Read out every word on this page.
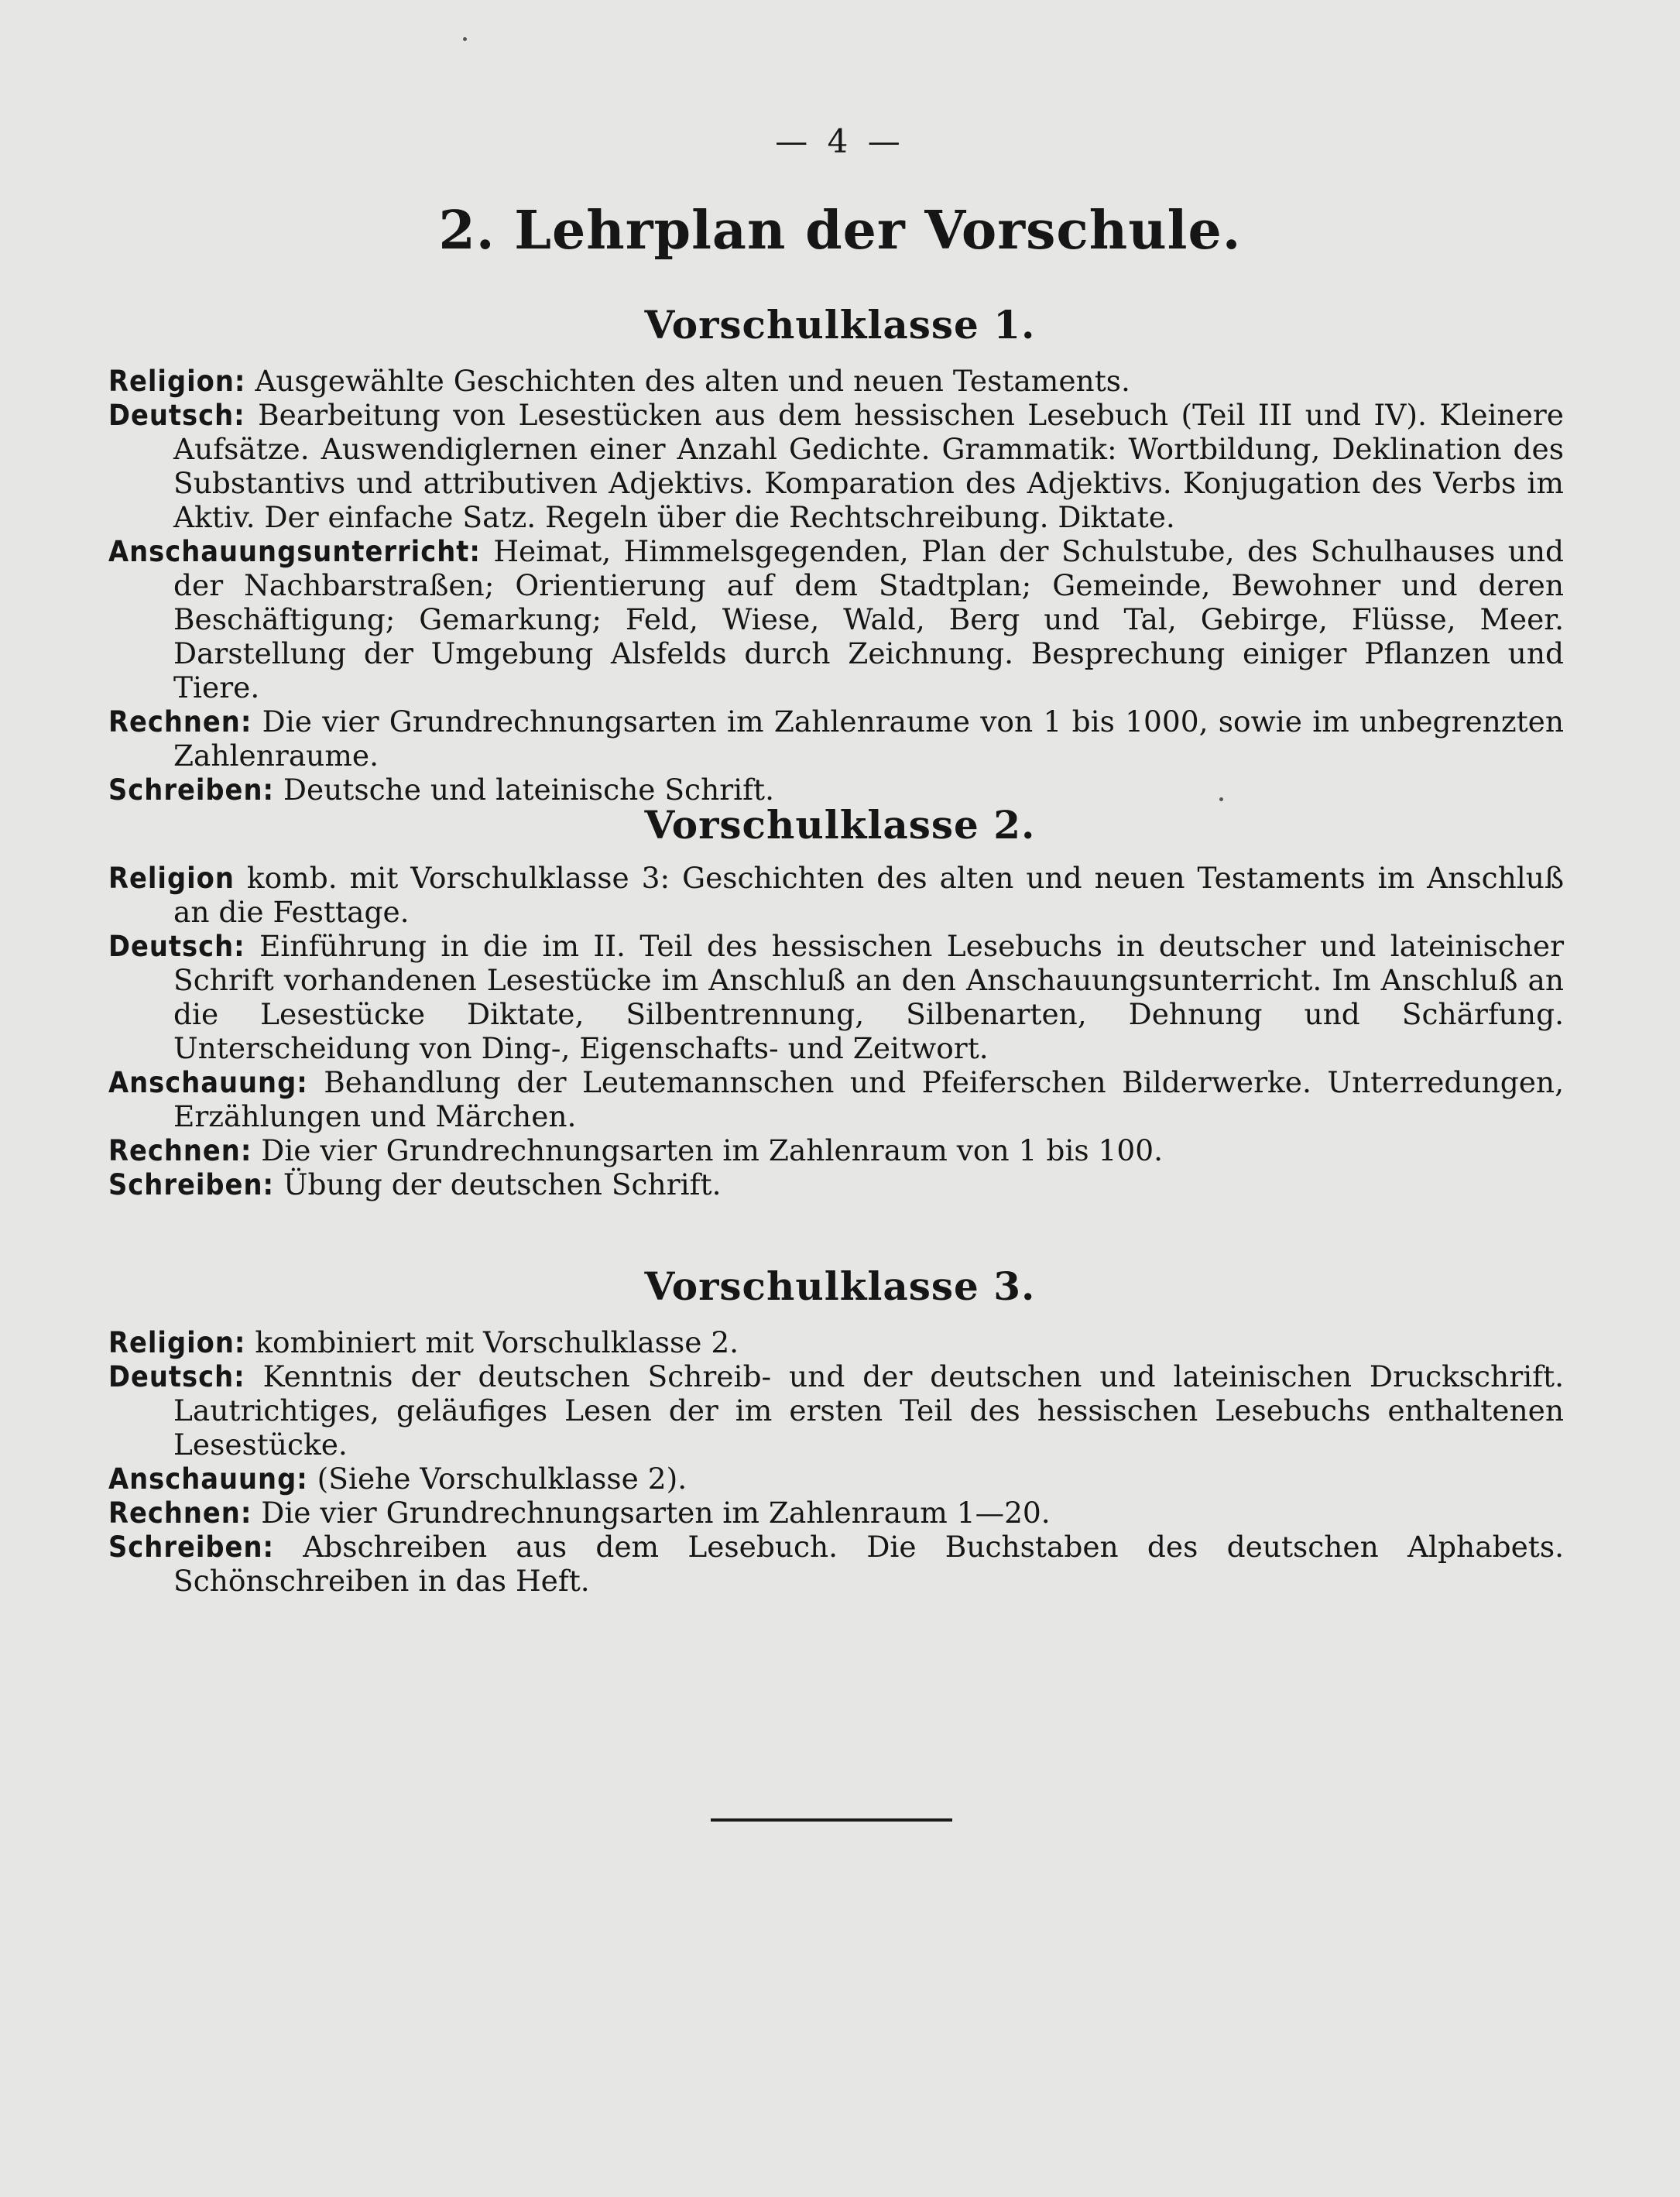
— 4 —
2. Lehrplan der Vorschule.
Vorschulklasse 1.

Religion: Ausgewählte Geschichten des alten und neuen Testaments.

Deutsch: Bearbeitung von Lesestücken aus dem hessischen Lesebuch (Teil III und IV). Kleinere Aufsätze. Auswendiglernen einer Anzahl Gedichte. Grammatik: Wortbildung, Deklination des Substantivs und attributiven Adjektivs. Komparation des Adjektivs. Konjugation des Verbs im Aktiv. Der einfache Satz. Regeln über die Rechtschreibung. Diktate.

Anschauungsunterricht: Heimat, Himmelsgegenden, Plan der Schulstube, des Schulhauses und der Nachbarstraßen; Orientierung auf dem Stadtplan; Gemeinde, Bewohner und deren Beschäftigung; Gemarkung; Feld, Wiese, Wald, Berg und Tal, Gebirge, Flüsse, Meer. Darstellung der Umgebung Alsfelds durch Zeichnung. Besprechung einiger Pflanzen und Tiere.

Rechnen: Die vier Grundrechnungsarten im Zahlenraume von 1 bis 1000, sowie im unbegrenzten Zahlenraume.

Schreiben: Deutsche und lateinische Schrift.

Vorschulklasse 2.

Religion komb. mit Vorschulklasse 3: Geschichten des alten und neuen Testaments im Anschluß an die Festtage.

Deutsch: Einführung in die im II. Teil des hessischen Lesebuchs in deutscher und lateinischer Schrift vorhandenen Lesestücke im Anschluß an den Anschauungsunterricht. Im Anschluß an die Lesestücke Diktate, Silbentrennung, Silbenarten, Dehnung und Schärfung. Unterscheidung von Ding-, Eigenschafts- und Zeitwort.

Anschauung: Behandlung der Leutemannschen und Pfeiferschen Bilderwerke. Unterredungen, Erzählungen und Märchen.

Rechnen: Die vier Grundrechnungsarten im Zahlenraum von 1 bis 100.

Schreiben: Übung der deutschen Schrift.

Vorschulklasse 3.

Religion: kombiniert mit Vorschulklasse 2.

Deutsch: Kenntnis der deutschen Schreib- und der deutschen und lateinischen Druckschrift. Lautrichtiges, geläufiges Lesen der im ersten Teil des hessischen Lesebuchs enthaltenen Lesestücke.

Anschauung: (Siehe Vorschulklasse 2).

Rechnen: Die vier Grundrechnungsarten im Zahlenraum 1—20.

Schreiben: Abschreiben aus dem Lesebuch. Die Buchstaben des deutschen Alphabets. Schönschreiben in das Heft.
